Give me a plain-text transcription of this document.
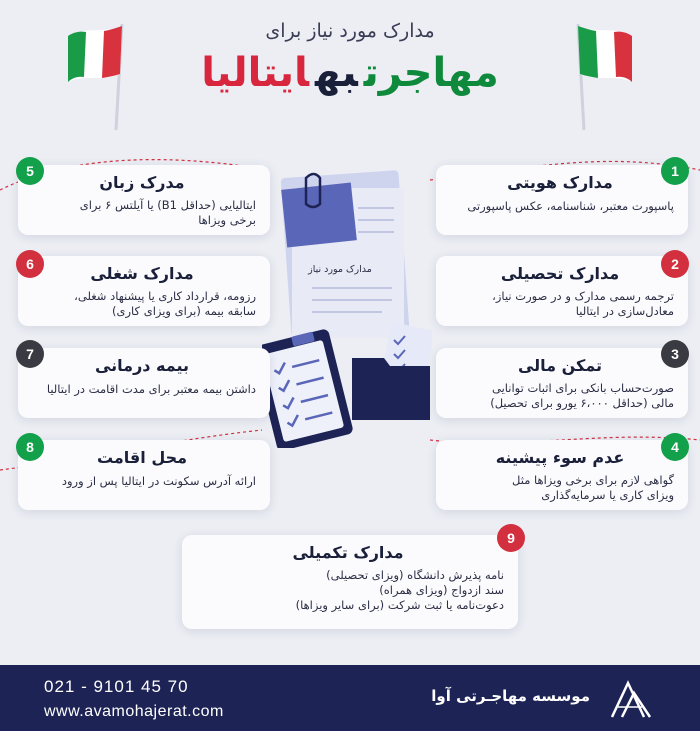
مدارک مورد نیاز برای
مهاجرتبهایتالیا
مدارک مورد نیاز
مدارک هویتی
پاسپورت معتبر، شناسنامه، عکس پاسپورتی
1
مدارک تحصیلی
ترجمه رسمی مدارک و در صورت نیاز،
معادل‌سازی در ایتالیا
2
تمکن مالی
صورت‌حساب بانکی برای اثبات توانایی
مالی (حداقل ۶،۰۰۰ یورو برای تحصیل)
3
عدم سوء پیشینه
گواهی لازم برای برخی ویزاها مثل
ویزای کاری یا سرمایه‌گذاری
4
مدرک زبان
ایتالیایی (حداقل B1) یا آیلتس ۶ برای
برخی ویزاها
5
مدارک شغلی
رزومه، قرارداد کاری یا پیشنهاد شغلی،
سابقه بیمه (برای ویزای کاری)
6
بیمه درمانی
داشتن بیمه معتبر برای مدت اقامت در ایتالیا
7
محل اقامت
ارائه آدرس سکونت در ایتالیا پس از ورود
8
مدارک تکمیلی
نامه پذیرش دانشگاه (ویزای تحصیلی)
سند ازدواج (ویزای همراه)
دعوت‌نامه یا ثبت شرکت (برای سایر ویزاها)
9
021 - 9101 45 70
www.avamohajerat.com
موسسه مهاجـرتی آوا
